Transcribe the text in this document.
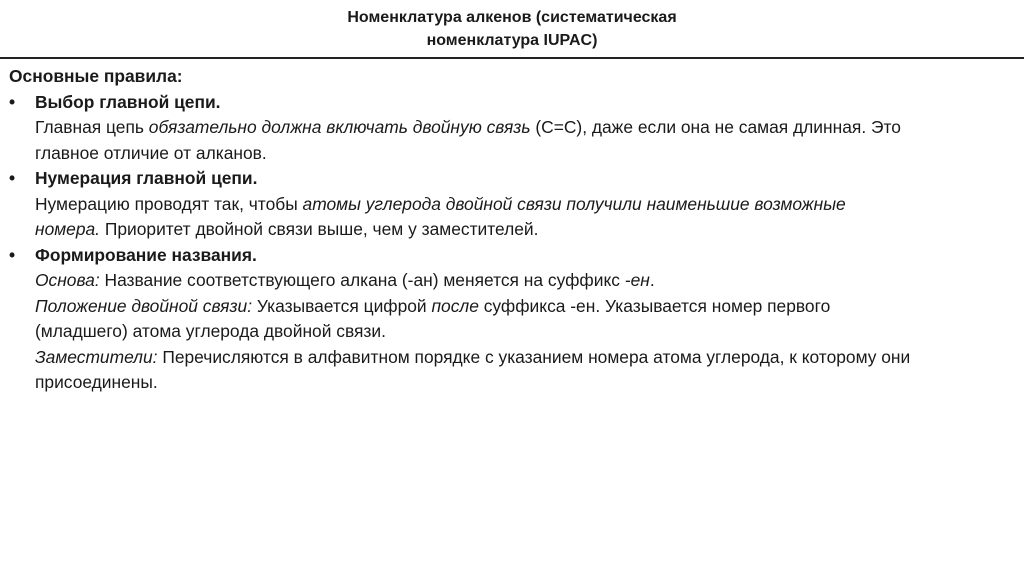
Номенклатура алкенов (систематическая
номенклатура IUPAC)
Основные правила:
• Выбор главной цепи.
Главная цепь обязательно должна включать двойную связь (C=C), даже если она не самая длинная. Это
главное отличие от алканов.
• Нумерация главной цепи.
Нумерацию проводят так, чтобы атомы углерода двойной связи получили наименьшие возможные
номера. Приоритет двойной связи выше, чем у заместителей.
• Формирование названия.
Основа: Название соответствующего алкана (-ан) меняется на суффикс -ен.
Положение двойной связи: Указывается цифрой после суффикса -ен. Указывается номер первого
(младшего) атома углерода двойной связи.
Заместители: Перечисляются в алфавитном порядке с указанием номера атома углерода, к которому они
присоединены.
